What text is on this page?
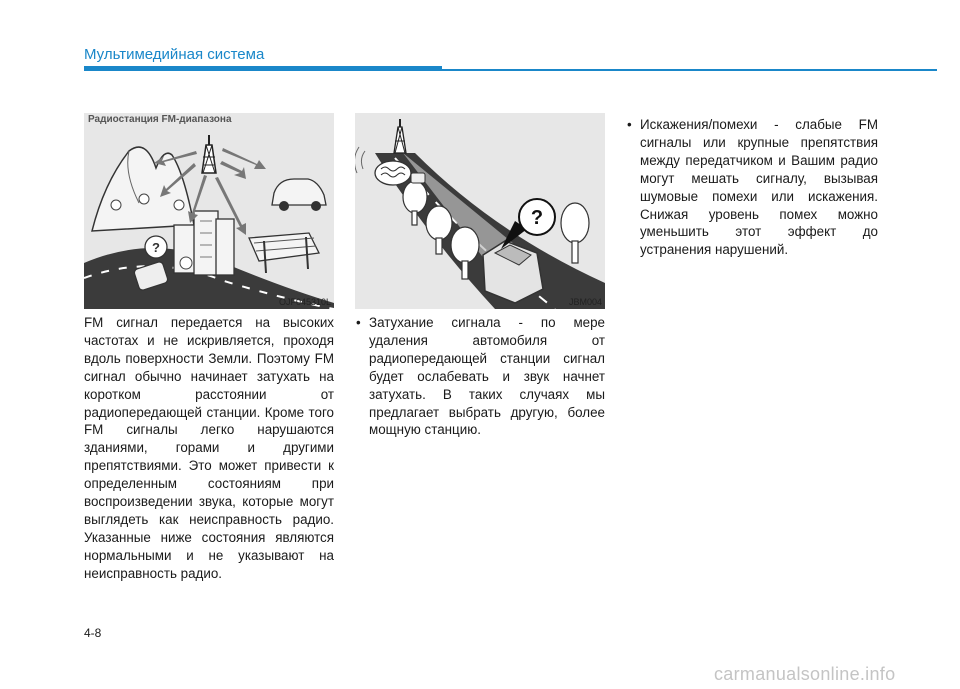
Мультимедийная система
?
Радиостанция FM-диапазона
OJF045310L
?
JBM004

FM сигнал передается на высоких частотах и не искривляется, проходя вдоль поверхности Земли. Поэтому FM сигнал обычно начинает затухать на коротком расстоянии от радиопередающей станции. Кроме того FM сигналы легко нарушаются зданиями, горами и другими препятствиями. Это может привести к определенным состояниям при воспроизведении звука, которые могут выглядеть как неисправность радио. Указанные ниже состояния являются нормальными и не указывают на неисправность радио.

• Затухание сигнала - по мере удаления автомобиля от радиопередающей станции сигнал будет ослабевать и звук начнет затухать. В таких случаях мы предлагает выбрать другую, более мощную станцию.
• Искажения/помехи - слабые FM сигналы или крупные препятствия между передатчиком и Вашим радио могут мешать сигналу, вызывая шумовые помехи или искажения. Снижая уровень помех можно уменьшить этот эффект до устранения нарушений.
4-8
carmanualsonline.info
